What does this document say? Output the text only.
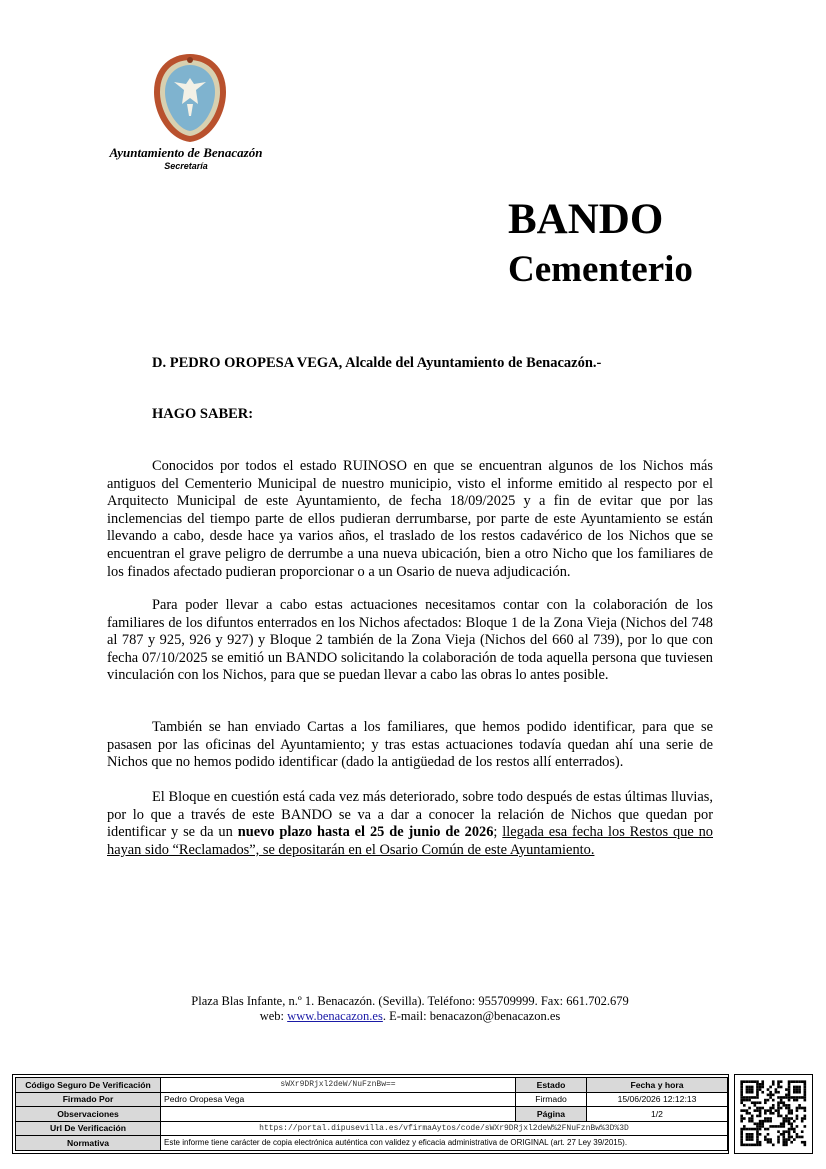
Ayuntamiento de Benacazón
Secretaría
BANDO
Cementerio
D. PEDRO OROPESA VEGA, Alcalde del Ayuntamiento de Benacazón.-
HAGO SABER:

Conocidos por todos el estado RUINOSO en que se encuentran algunos de los Nichos más antiguos del Cementerio Municipal de nuestro municipio, visto el informe emitido al respecto por el Arquitecto Municipal de este Ayuntamiento, de fecha 18/09/2025 y a fin de evitar que por las inclemencias del tiempo parte de ellos pudieran derrumbarse, por parte de este Ayuntamiento se están llevando a cabo, desde hace ya varios años, el traslado de los restos cadavérico de los Nichos que se encuentran el grave peligro de derrumbe a una nueva ubicación, bien a otro Nicho que los familiares de los finados afectado pudieran proporcionar o a un Osario de nueva adjudicación.

Para poder llevar a cabo estas actuaciones necesitamos contar con la colaboración de los familiares de los difuntos enterrados en los Nichos afectados: Bloque 1 de la Zona Vieja (Nichos del 748 al 787 y 925, 926 y 927) y Bloque 2 también de la Zona Vieja (Nichos del 660 al 739), por lo que con fecha 07/10/2025 se emitió un BANDO solicitando la colaboración de toda aquella persona que tuviesen vinculación con los Nichos, para que se puedan llevar a cabo las obras lo antes posible.

También se han enviado Cartas a los familiares, que hemos podido identificar, para que se pasasen por las oficinas del Ayuntamiento; y tras estas actuaciones todavía quedan ahí una serie de Nichos que no hemos podido identificar (dado la antigüedad de los restos allí enterrados).

El Bloque en cuestión está cada vez más deteriorado, sobre todo después de estas últimas lluvias, por lo que a través de este BANDO se va a dar a conocer la relación de Nichos que quedan por identificar y se da un nuevo plazo hasta el 25 de junio de 2026; llegada esa fecha los Restos que no hayan sido “Reclamados”, se depositarán en el Osario Común de este Ayuntamiento.

Plaza Blas Infante, n.º 1. Benacazón. (Sevilla). Teléfono: 955709999. Fax: 661.702.679
web: www.benacazon.es. E-mail: benacazon@benacazon.es
Código Seguro De Verificación	sWXr9DRjxl2deW/NuFznBw==	Estado	Fecha y hora
Firmado Por	Pedro Oropesa Vega	Firmado	15/06/2026 12:12:13
Observaciones		Página	1/2
Url De Verificación	https://portal.dipusevilla.es/vfirmaAytos/code/sWXr9DRjxl2deW%2FNuFznBw%3D%3D		
Normativa	Este informe tiene carácter de copia electrónica auténtica con validez y eficacia administrativa de ORIGINAL (art. 27 Ley 39/2015).		
